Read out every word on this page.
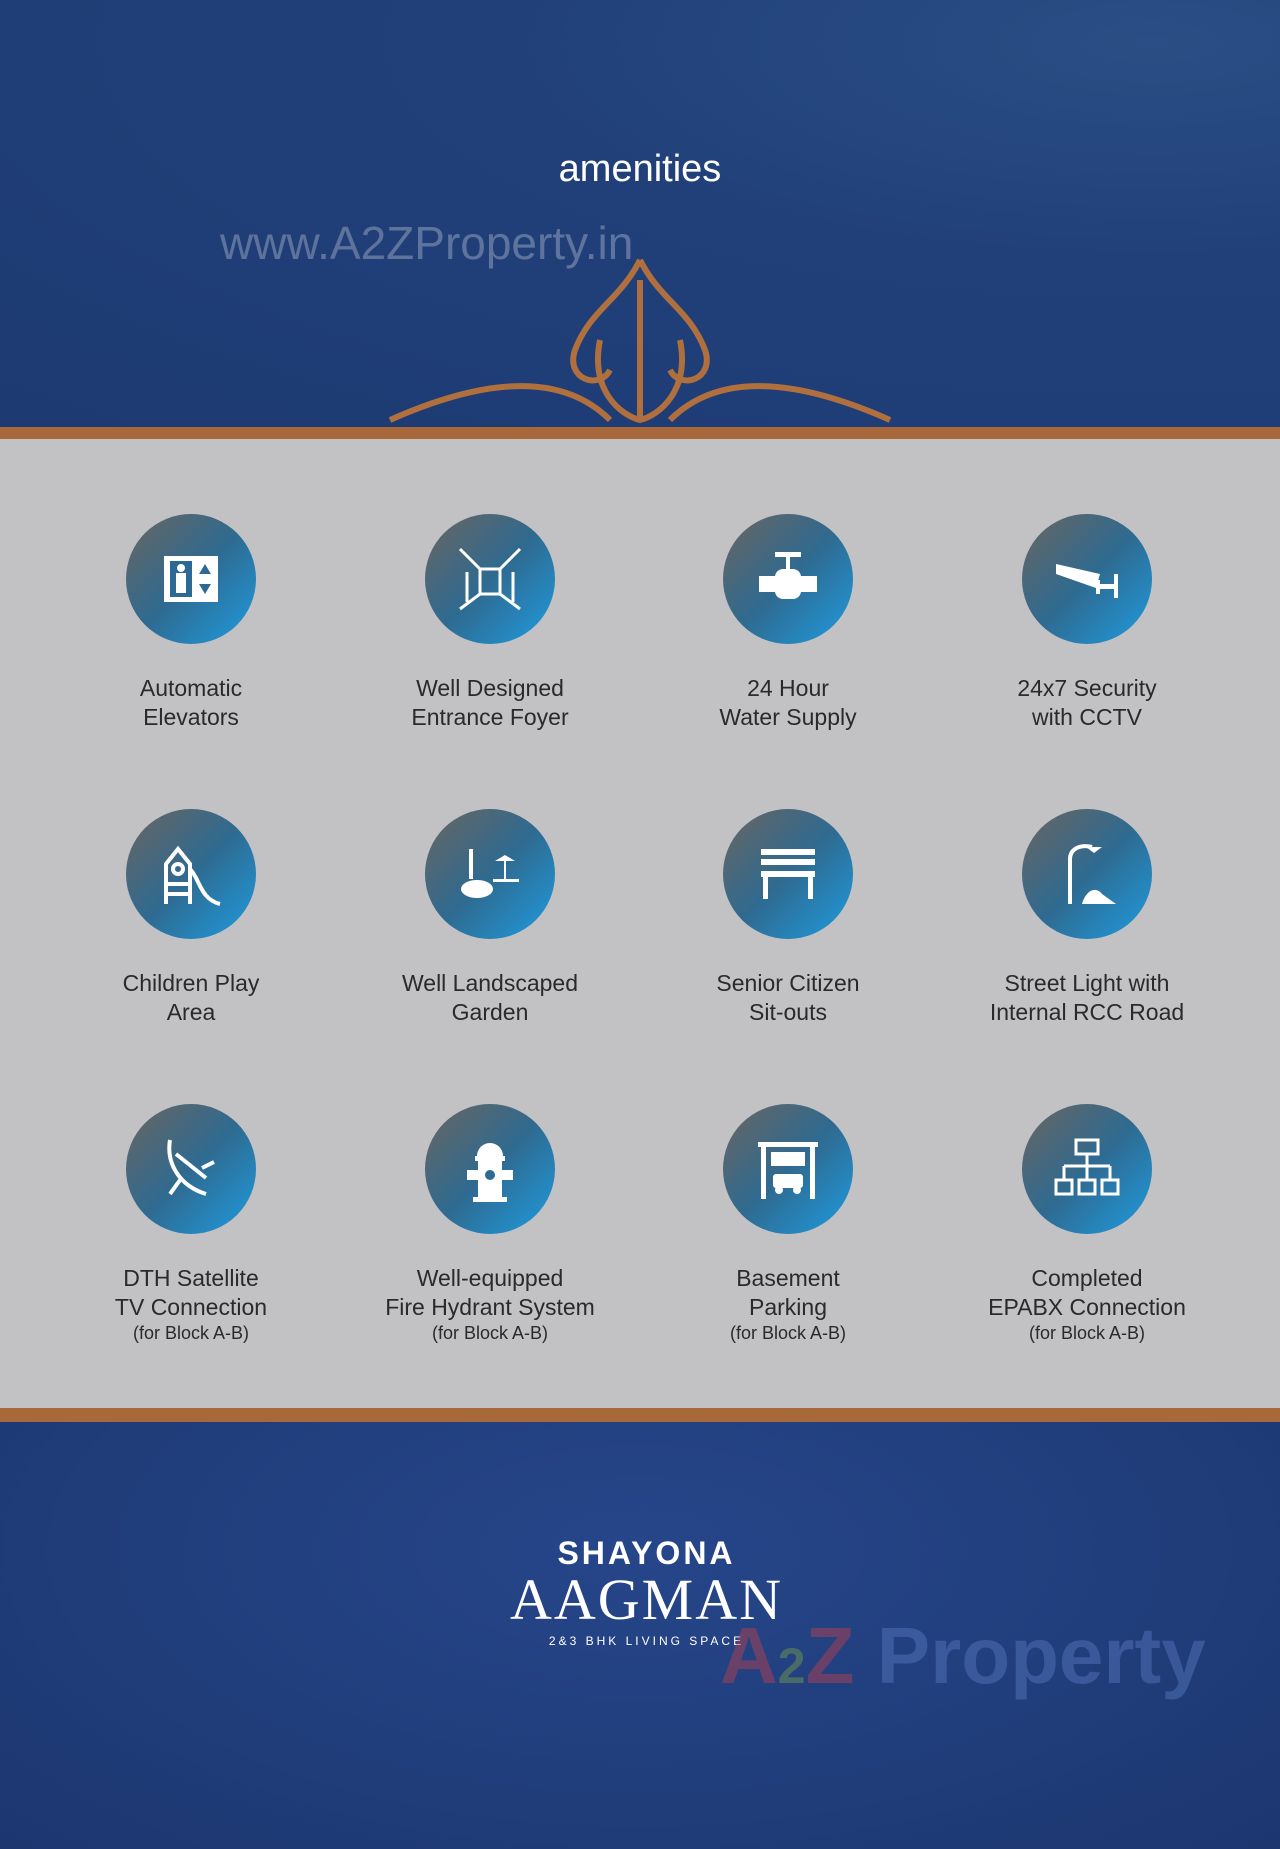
amenities
www.A2ZProperty.in
Automatic
Elevators
Well Designed
Entrance Foyer
24 Hour
Water Supply
24x7 Security
with CCTV
Children Play
Area
Well Landscaped
Garden
Senior Citizen
Sit-outs
Street Light with
Internal RCC Road
DTH Satellite
TV Connection
(for Block A-B)
Well-equipped
Fire Hydrant System
(for Block A-B)
Basement
Parking
(for Block A-B)
Completed
EPABX Connection
(for Block A-B)
SHAYONA
AAGMAN
2&3 BHK LIVING SPACE
A2Z Property
